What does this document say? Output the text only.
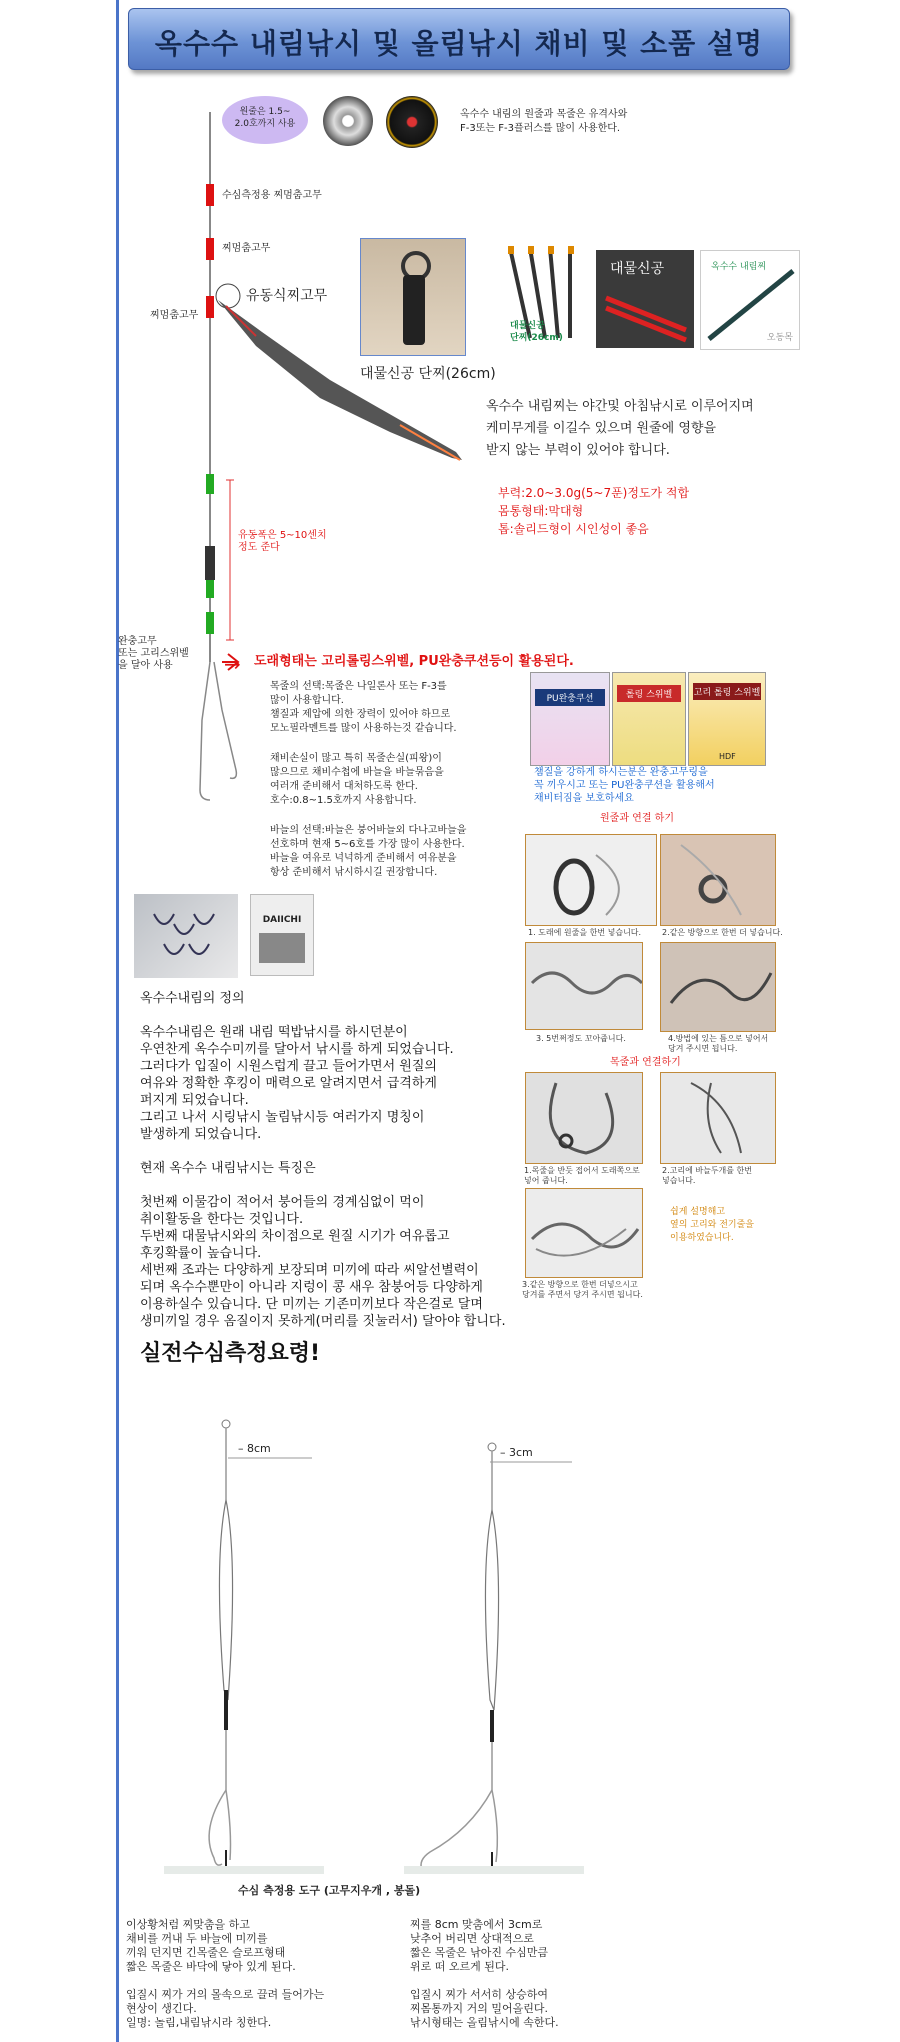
옥수수 내림낚시 및 올림낚시 채비 및 소품 설명
원줄은 1.5~
2.0호까지 사용
옥수수 내림의 원줄과 목줄은 유격사와
F-3또는 F-3플러스를 많이 사용한다.
수심측정용 찌멈춤고무
찌멈춤고무
찌멈춤고무
유동식찌고무
대물신공 단찌(26cm)
유동폭은 5~10센치
정도 준다
완충고무
또는 고리스위벨
을 달아 사용
대물신공
단찌(26cm)
대물신공	옥수수 내림찌
오동목
옥수수 내림찌는 야간및 아침낚시로 이루어지며
케미무게를 이길수 있으며 원줄에 영향을
받지 않는 부력이 있어야 합니다.
부력:2.0~3.0g(5~7푼)정도가 적합
몸통형태:막대형
톱:솔리드형이 시인성이 좋음
→ 도래형태는 고리롤링스위벨, PU완충쿠션등이 활용된다.
목줄의 선택:목줄은 나일론사 또는 F-3를
많이 사용합니다.
챔질과 제압에 의한 장력이 있어야 하므로
모노필라멘트를 많이 사용하는것 같습니다.
채비손실이 많고 특히 목줄손실(피왕)이
많으므로 채비수첩에 바늘을 바늘묶음을
여러개 준비해서 대처하도록 한다.
호수:0.8~1.5호까지 사용합니다.
바늘의 선택:바늘은 붕어바늘외 다나고바늘을
선호하며 현재 5~6호를 가장 많이 사용한다.
바늘을 여유로 넉넉하게 준비해서 여유분을
항상 준비해서 낚시하시길 권장합니다.
PU완충쿠션	롤링 스위벨	고리 롤링 스위벨
HDF
챔질을 강하게 하시는분은 완충고무링을
꼭 끼우시고 또는 PU완충쿠션을 활용해서
채비터짐을 보호하세요
원줄과 연결 하기
DAIICHI
1. 도래에 원줄을 한번 넣습니다.	2.같은 방향으로 한번 더 넣습니다.
3. 5번쩌정도 꼬아줍니다.	4.방법에 있는 틈으로 넣어서
당겨 주시면 됩니다.
목줄과 연결하기
1.목줄을 반듯 접어서 도래쪽으로
넣어 줍니다.
2.고리에 바늘두개를 한번
넣습니다.
3.같은 방향으로 한번 더넣으시고
당겨를 주면서 당겨 주시면 됩니다.
쉽게 설명해고
옆의 고리와 전기줄을
이용하였습니다.
옥수수내림의 정의

옥수수내림은 원래 내림 떡밥낚시를 하시던분이
우연찬게 옥수수미끼를 달아서 낚시를 하게 되었습니다.
그러다가 입질이 시원스럽게 끌고 들어가면서 원질의
여유와 정확한 후킹이 매력으로 알려지면서 급격하게
퍼지게 되었습니다.
그리고 나서 시링낚시 놀림낚시등 여러가지 명칭이
발생하게 되었습니다.

현재 옥수수 내림낚시는 특징은

첫번째 이물감이 적어서 붕어들의 경계심없이 먹이
취이활동을 한다는 것입니다.
두번째 대물낚시와의 차이점으로 원질 시기가 여유롭고
후킹확률이 높습니다.
세번째 조과는 다양하게 보장되며 미끼에 따라 씨알선별력이
되며 옥수수뿐만이 아니라 지렁이 콩 새우 참붕어등 다양하게
이용하실수 있습니다. 단 미끼는 기존미끼보다 작은걸로 달며
생미끼일 경우 옴질이지 못하게(머리를 짓눌러서) 달아야 합니다.
실전수심측정요령!
– 8cm	– 3cm
수심 측정용 도구 (고무지우개 , 봉돌)
이상황처럼 찌맞춤을 하고
채비를 꺼내 두 바늘에 미끼를
끼워 던지면 긴목줄은 슬로프형태
짧은 목줄은 바닥에 닿아 있게 된다.

입질시 찌가 거의 몰속으로 끌려 들어가는
현상이 생긴다.
일명: 놀림,내림낚시라 칭한다.
찌를 8cm 맞춤에서 3cm로
낮추어 버리면 상대적으로
짧은 목줄은 낚아진 수심만큼
위로 떠 오르게 된다.

입질시 찌가 서서히 상승하여
찌몸통까지 거의 밀어올린다.
낚시형태는 올림낚시에 속한다.
